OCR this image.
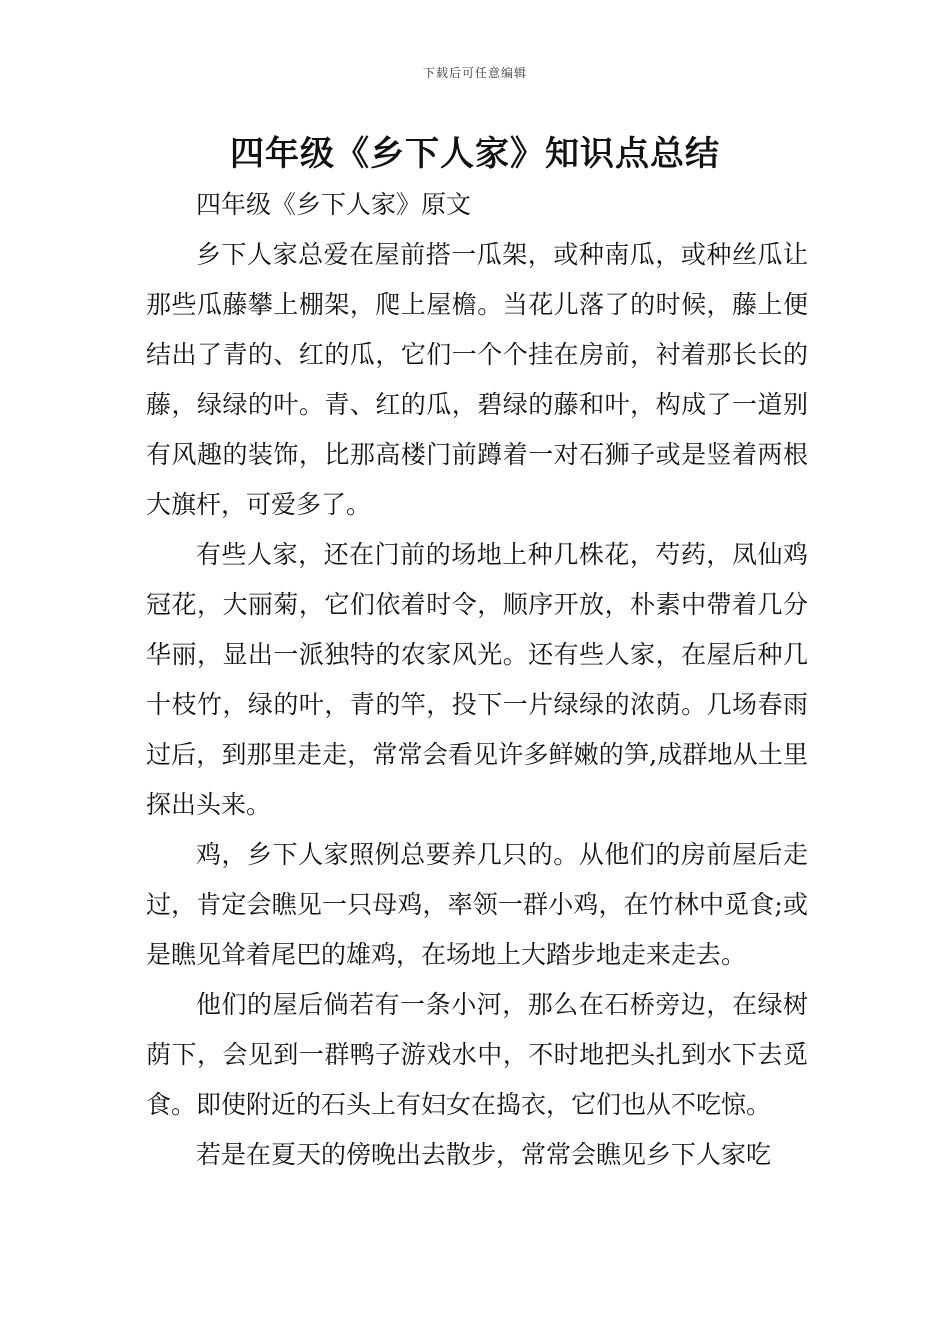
下载后可任意编辑
四年级《乡下人家》知识点总结

四年级《乡下人家》原文

乡下人家总爱在屋前搭一瓜架，或种南瓜，或种丝瓜让那些瓜藤攀上棚架，爬上屋檐。当花儿落了的时候，藤上便结出了青的、红的瓜，它们一个个挂在房前，衬着那长长的藤，绿绿的叶。青、红的瓜，碧绿的藤和叶，构成了一道别有风趣的装饰，比那高楼门前蹲着一对石狮子或是竖着两根大旗杆，可爱多了。

有些人家，还在门前的场地上种几株花，芍药，凤仙鸡冠花，大丽菊，它们依着时令，顺序开放，朴素中帶着几分华丽，显出一派独特的农家风光。还有些人家，在屋后种几十枝竹，绿的叶，青的竿，投下一片绿绿的浓荫。几场春雨过后，到那里走走，常常会看见许多鲜嫩的笋,成群地从土里探出头来。

鸡，乡下人家照例总要养几只的。从他们的房前屋后走过，肯定会瞧见一只母鸡，率领一群小鸡，在竹林中觅食;或是瞧见耸着尾巴的雄鸡，在场地上大踏步地走来走去。

他们的屋后倘若有一条小河，那么在石桥旁边，在绿树荫下，会见到一群鸭子游戏水中，不时地把头扎到水下去觅食。即使附近的石头上有妇女在捣衣，它们也从不吃惊。

若是在夏天的傍晚出去散步，常常会瞧见乡下人家吃
